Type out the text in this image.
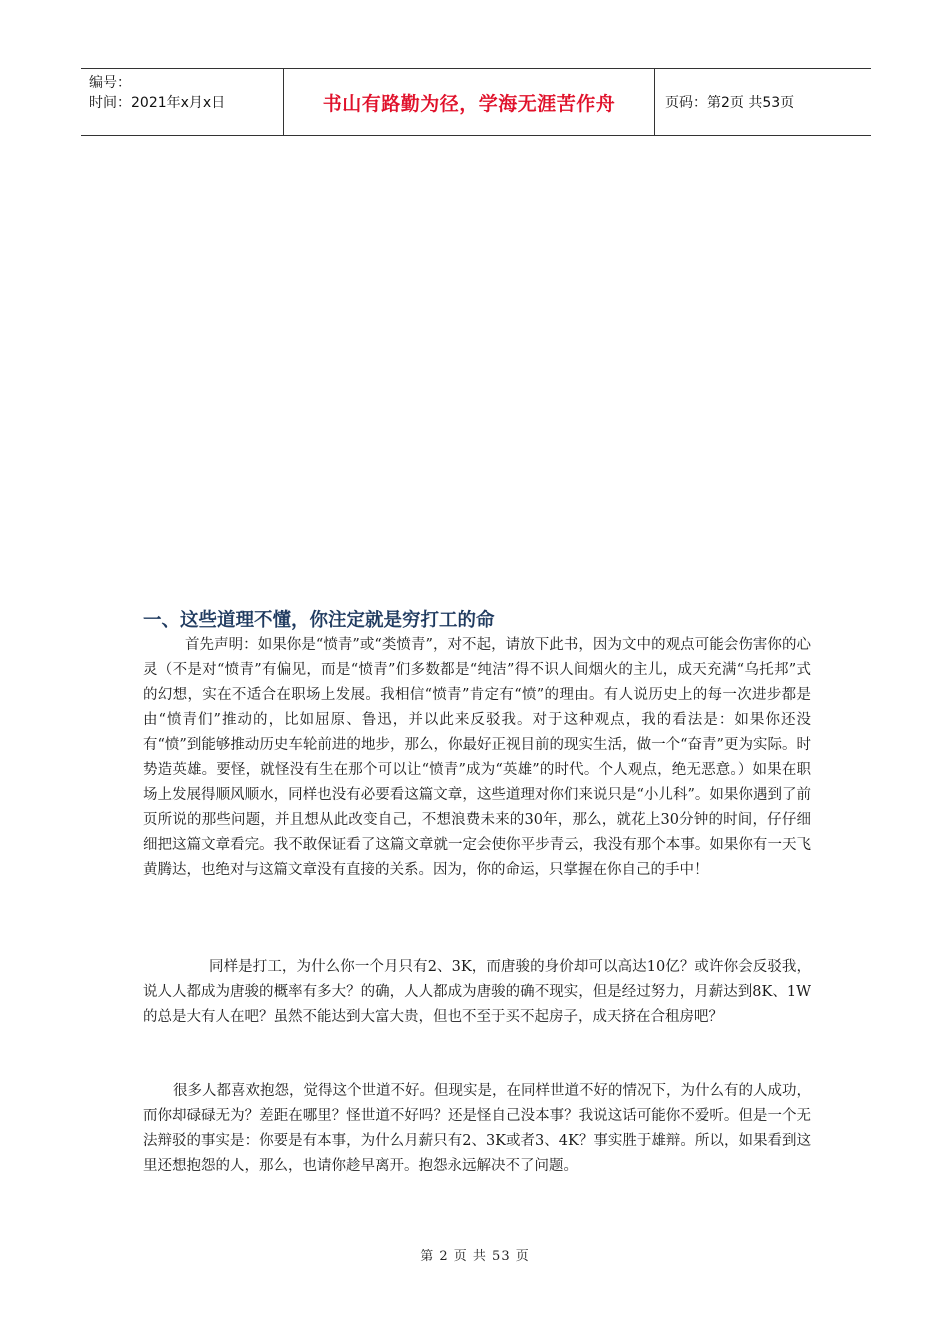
编号：
时间：2021年x月x日	书山有路勤为径，学海无涯苦作舟	页码：第2页 共53页
一、这些道理不懂，你注定就是穷打工的命

首先声明：如果你是“愤青”或“类愤青”，对不起，请放下此书，因为文中的观点可能会伤害你的心灵（不是对“愤青”有偏见，而是“愤青”们多数都是“纯洁”得不识人间烟火的主儿，成天充满“乌托邦”式的幻想，实在不适合在职场上发展。我相信“愤青”肯定有“愤”的理由。有人说历史上的每一次进步都是由“愤青们”推动的，比如屈原、鲁迅，并以此来反驳我。对于这种观点，我的看法是：如果你还没有“愤”到能够推动历史车轮前进的地步，那么，你最好正视目前的现实生活，做一个“奋青”更为实际。时势造英雄。要怪，就怪没有生在那个可以让“愤青”成为“英雄”的时代。个人观点，绝无恶意。）如果在职场上发展得顺风顺水，同样也没有必要看这篇文章，这些道理对你们来说只是“小儿科”。如果你遇到了前页所说的那些问题，并且想从此改变自己，不想浪费未来的30年，那么，就花上30分钟的时间，仔仔细细把这篇文章看完。我不敢保证看了这篇文章就一定会使你平步青云，我没有那个本事。如果你有一天飞黄腾达，也绝对与这篇文章没有直接的关系。因为，你的命运，只掌握在你自己的手中！

同样是打工，为什么你一个月只有2、3K，而唐骏的身价却可以高达10亿？或许你会反驳我，说人人都成为唐骏的概率有多大？的确，人人都成为唐骏的确不现实，但是经过努力，月薪达到8K、1W的总是大有人在吧？虽然不能达到大富大贵，但也不至于买不起房子，成天挤在合租房吧？

很多人都喜欢抱怨，觉得这个世道不好。但现实是，在同样世道不好的情况下，为什么有的人成功，而你却碌碌无为？差距在哪里？怪世道不好吗？还是怪自己没本事？我说这话可能你不爱听。但是一个无法辩驳的事实是：你要是有本事，为什么月薪只有2、3K或者3、4K？事实胜于雄辩。所以，如果看到这里还想抱怨的人，那么，也请你趁早离开。抱怨永远解决不了问题。

第 2 页 共 53 页
